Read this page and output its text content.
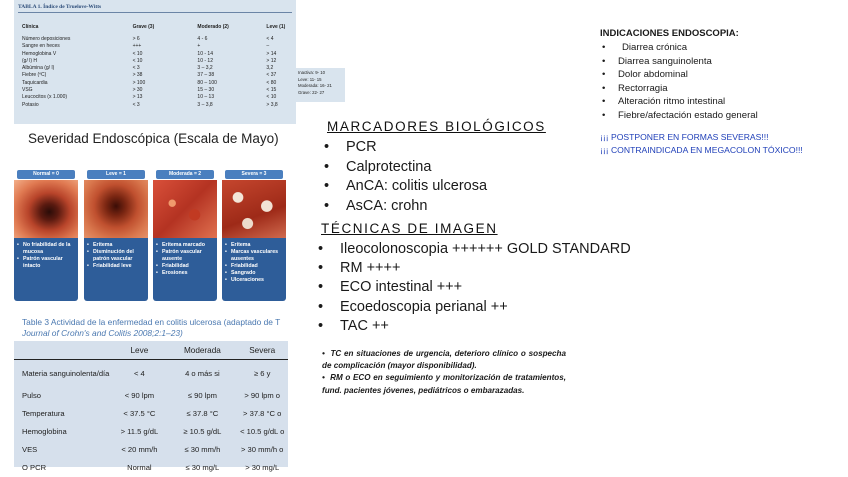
TABLA 1. Índice de Truelove-Witts
Clínica	Grave (3)	Moderado (2)	Leve (1)
Número deposiciones	> 6	4 - 6	< 4
Sangre en heces	+++	+	–
Hemoglobina V	< 10	10 - 14	> 14
(g/ l) H	< 10	10 - 12	> 12
Albúmina (g/ l)	< 3	3 – 3,2	3,2
Fiebre (ºC)	> 38	37 – 38	< 37
Taquicardia	> 100	80 – 100	< 80
VSG	> 30	15 – 30	< 15
Leucocitos (x 1.000)	> 13	10 – 13	< 10
Potasio	< 3	3 – 3,8	> 3,8
Inactiva: 9- 10
Leve: 11- 15
Moderada: 16- 21
Grave: 22- 27
Severidad Endoscópica (Escala de Mayo)
Normal = 0
• No friabilidad de la mucosa
• Patrón vascular intacto
Leve = 1
• Eritema
• Disminución del patrón vascular
• Friabilidad leve
Moderada = 2
• Eritema marcado
• Patrón vascular ausente
• Friabilidad
• Erosiones
Severa = 3
• Eritema
• Marcas vasculares ausentes
• Friabilidad
• Sangrado
• Ulceraciones
Table 3 Actividad de la enfermedad en colitis ulcerosa (adaptado de T
Journal of Crohn's and Colitis 2008;2:1–23)
	Leve	Moderada	Severa
Materia sanguinolenta/día	< 4	4 o más si	≥ 6 y
Pulso	< 90 lpm	≤ 90 lpm	> 90 lpm o
Temperatura	< 37.5 °C	≤ 37.8 °C	> 37.8 °C o
Hemoglobina	> 11.5 g/dL	≥ 10.5 g/dL	< 10.5 g/dL o
VES	< 20 mm/h	≤ 30 mm/h	> 30 mm/h o
O PCR	Normal	≤ 30 mg/L	> 30 mg/L
MARCADORES BIOLÓGICOS
• PCR
• Calprotectina
• AnCA: colitis ulcerosa
• AsCA: crohn
TÉCNICAS DE IMAGEN
• Ileocolonoscopia ++++++ GOLD STANDARD
• RM ++++
• ECO intestinal +++
• Ecoedoscopia perianal ++
• TAC ++

•  TC en situaciones de urgencia, deterioro clínico o sospecha de complicación (mayor disponibilidad).

•  RM o ECO en seguimiento y monitorización de tratamientos, fund. pacientes jóvenes, pediátricos o embarazadas.

INDICACIONES ENDOSCOPIA:
• Diarrea crónica
• Diarrea sanguinolenta
• Dolor abdominal
• Rectorragia
• Alteración ritmo intestinal
• Fiebre/afectación estado general
¡¡¡ POSTPONER EN FORMAS SEVERAS!!!
¡¡¡ CONTRAINDICADA EN MEGACOLON TÓXICO!!!
